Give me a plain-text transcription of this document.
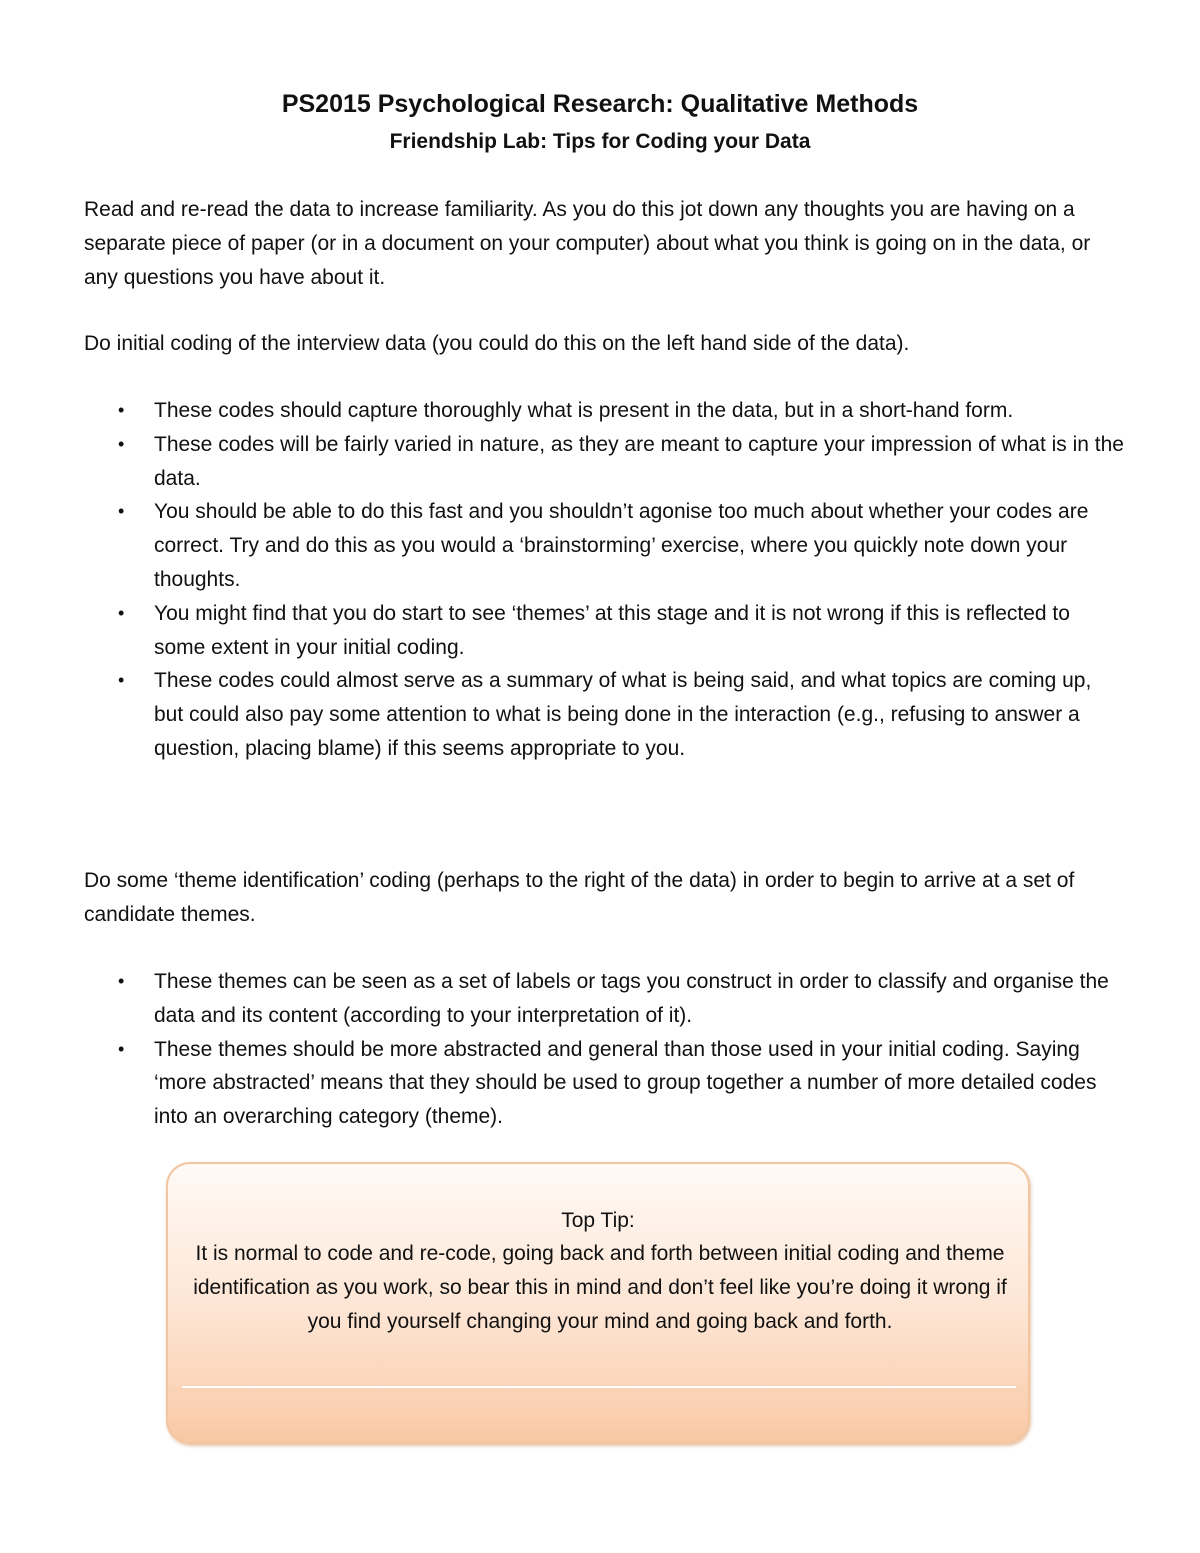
PS2015 Psychological Research: Qualitative Methods
Friendship Lab: Tips for Coding your Data

Read and re-read the data to increase familiarity. As you do this jot down any thoughts you are having on a separate piece of paper (or in a document on your computer) about what you think is going on in the data, or any questions you have about it.

Do initial coding of the interview data (you could do this on the left hand side of the data).

• These codes should capture thoroughly what is present in the data, but in a short-hand form.
• These codes will be fairly varied in nature, as they are meant to capture your impression of what is in the data.
• You should be able to do this fast and you shouldn’t agonise too much about whether your codes are correct. Try and do this as you would a ‘brainstorming’ exercise, where you quickly note down your thoughts.
• You might find that you do start to see ‘themes’ at this stage and it is not wrong if this is reflected to some extent in your initial coding.
• These codes could almost serve as a summary of what is being said, and what topics are coming up, but could also pay some attention to what is being done in the interaction (e.g., refusing to answer a question, placing blame) if this seems appropriate to you.

Do some ‘theme identification’ coding (perhaps to the right of the data) in order to begin to arrive at a set of candidate themes.

• These themes can be seen as a set of labels or tags you construct in order to classify and organise the data and its content (according to your interpretation of it).
• These themes should be more abstracted and general than those used in your initial coding. Saying ‘more abstracted’ means that they should be used to group together a number of more detailed codes into an overarching category (theme).

Top Tip:

It is normal to code and re-code, going back and forth between initial coding and theme identification as you work, so bear this in mind and don’t feel like you’re doing it wrong if you find yourself changing your mind and going back and forth.
